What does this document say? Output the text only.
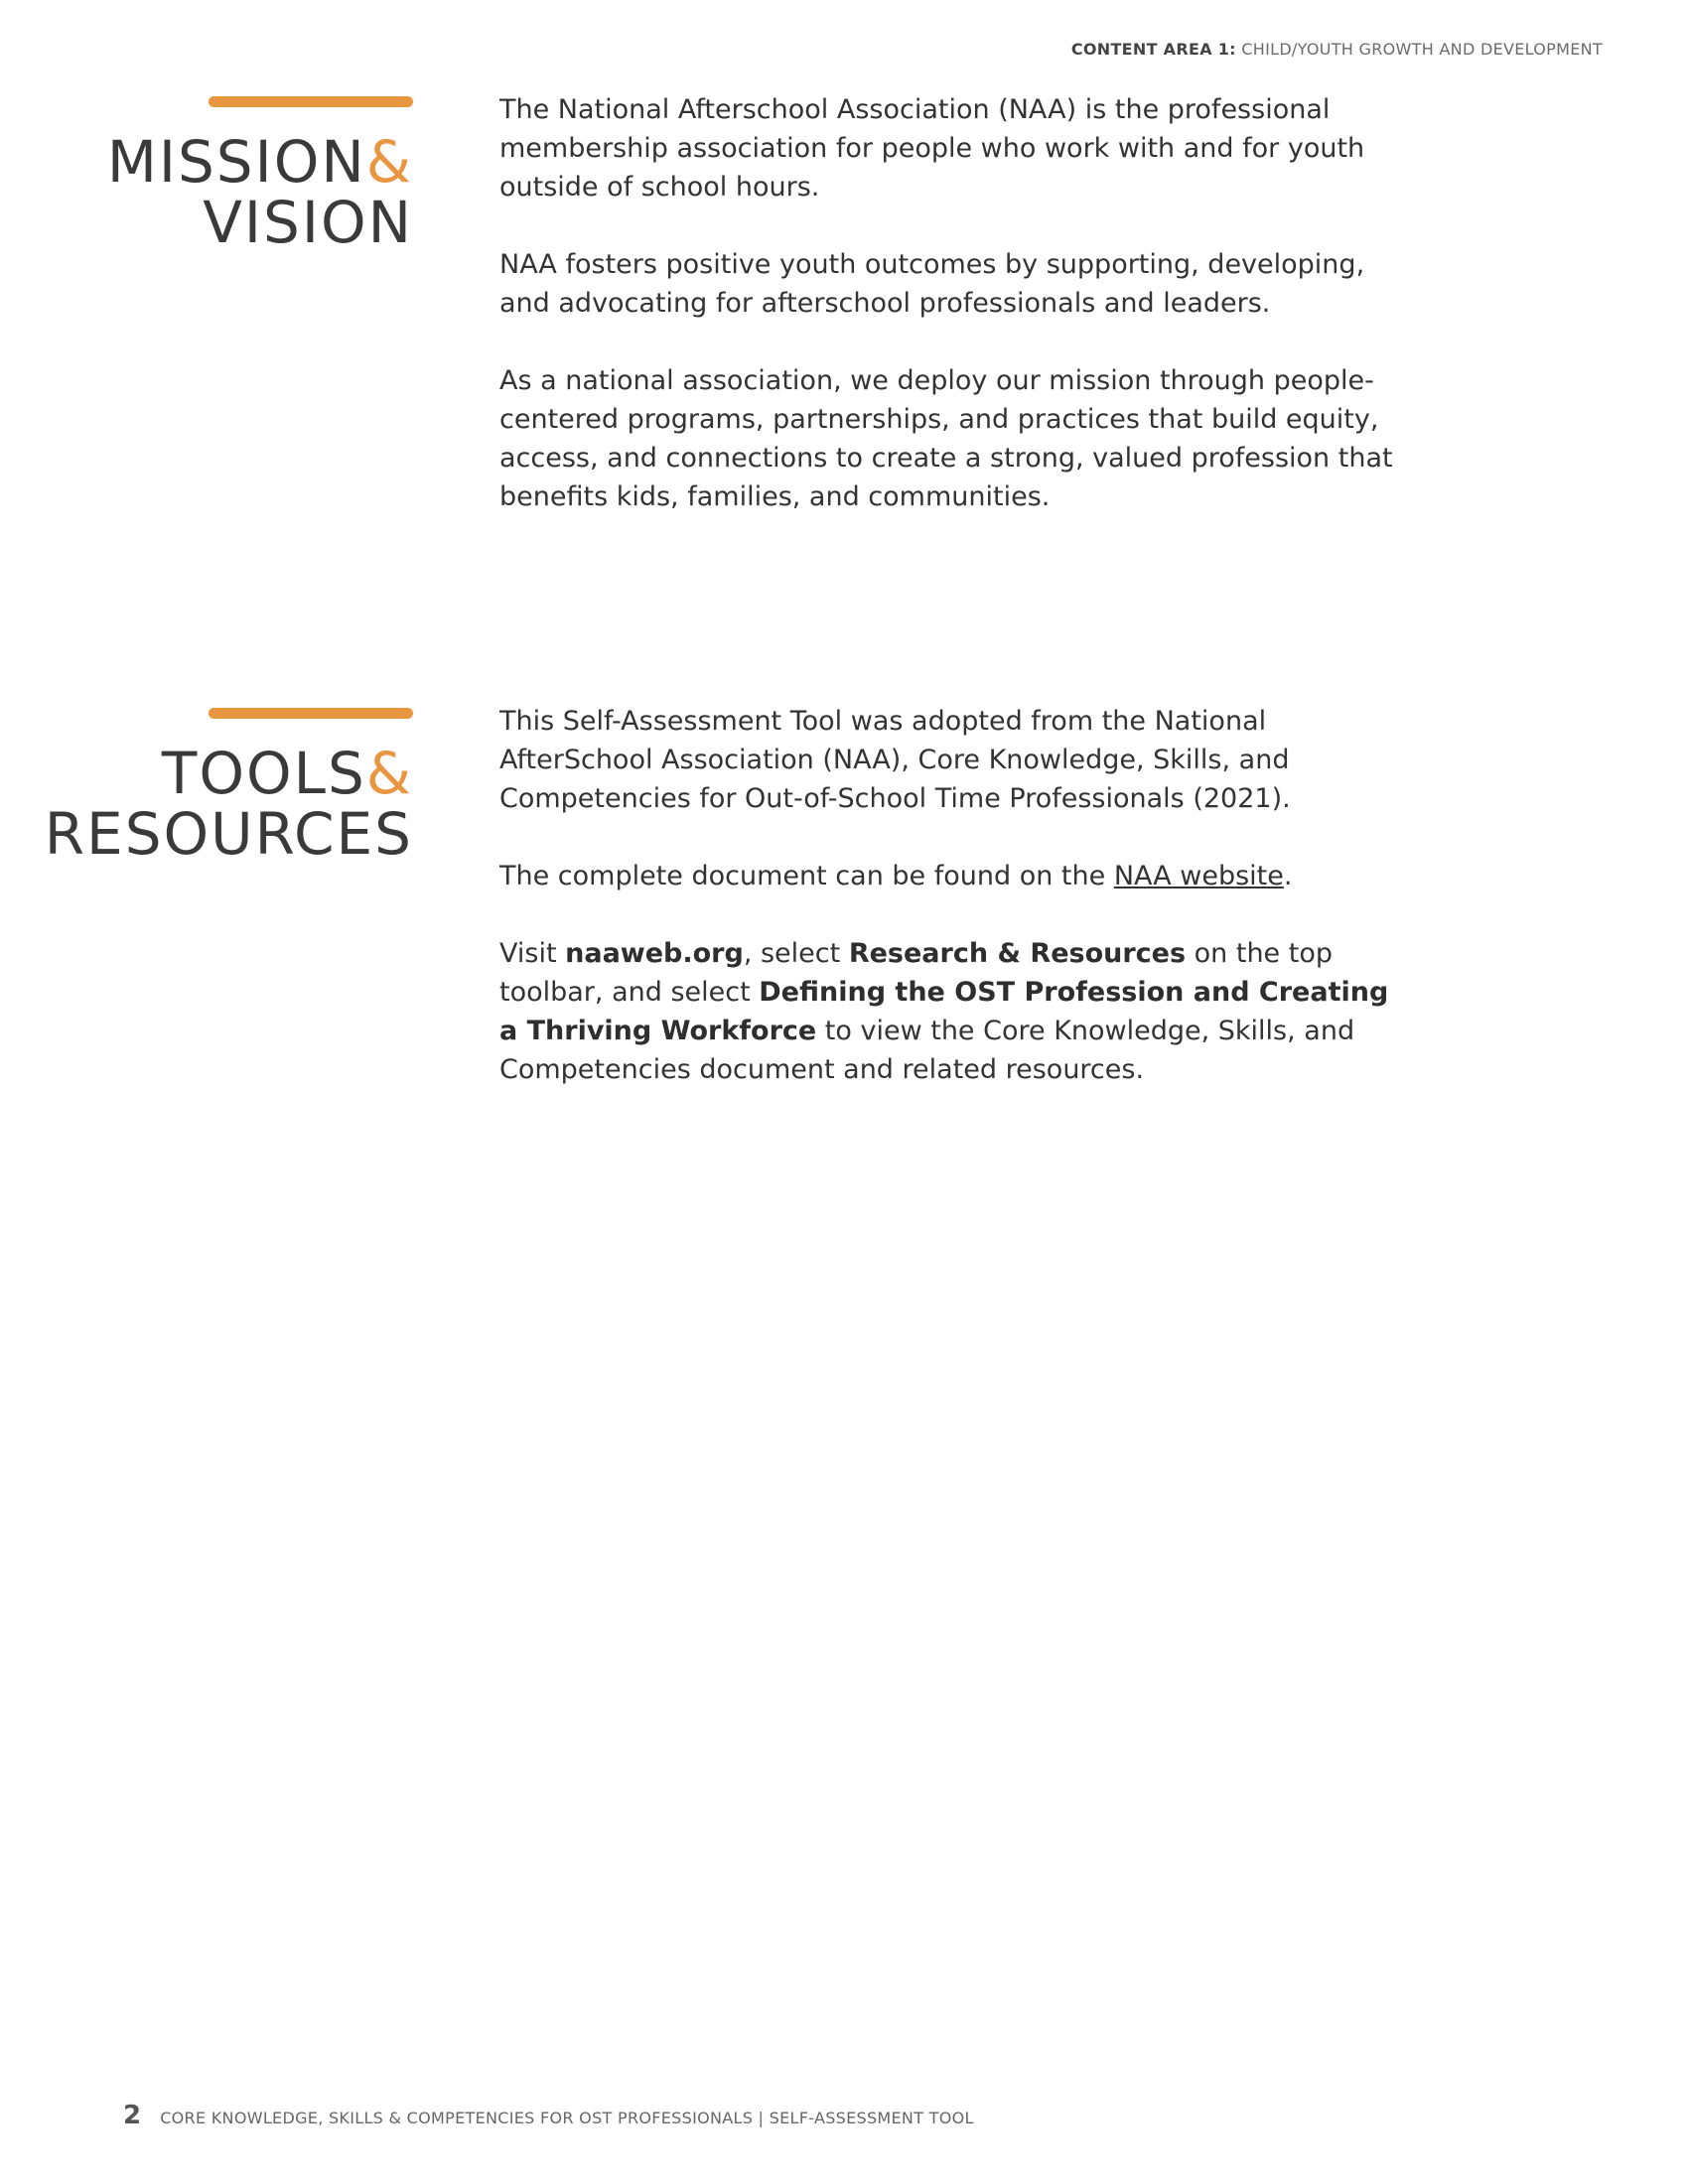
CONTENT AREA 1: CHILD/YOUTH GROWTH AND DEVELOPMENT
MISSION&
VISION

The National Afterschool Association (NAA) is the professional membership association for people who work with and for youth outside of school hours.

NAA fosters positive youth outcomes by supporting, developing, and advocating for afterschool professionals and leaders.

As a national association, we deploy our mission through people-centered programs, partnerships, and practices that build equity, access, and connections to create a strong, valued profession that benefits kids, families, and communities.

TOOLS&
RESOURCES

This Self-Assessment Tool was adopted from the National AfterSchool Association (NAA), Core Knowledge, Skills, and Competencies for Out-of-School Time Professionals (2021).

The complete document can be found on the NAA website.

Visit naaweb.org, select Research & Resources on the top toolbar, and select Defining the OST Profession and Creating a Thriving Workforce to view the Core Knowledge, Skills, and Competencies document and related resources.

2 CORE KNOWLEDGE, SKILLS & COMPETENCIES FOR OST PROFESSIONALS | SELF-ASSESSMENT TOOL
